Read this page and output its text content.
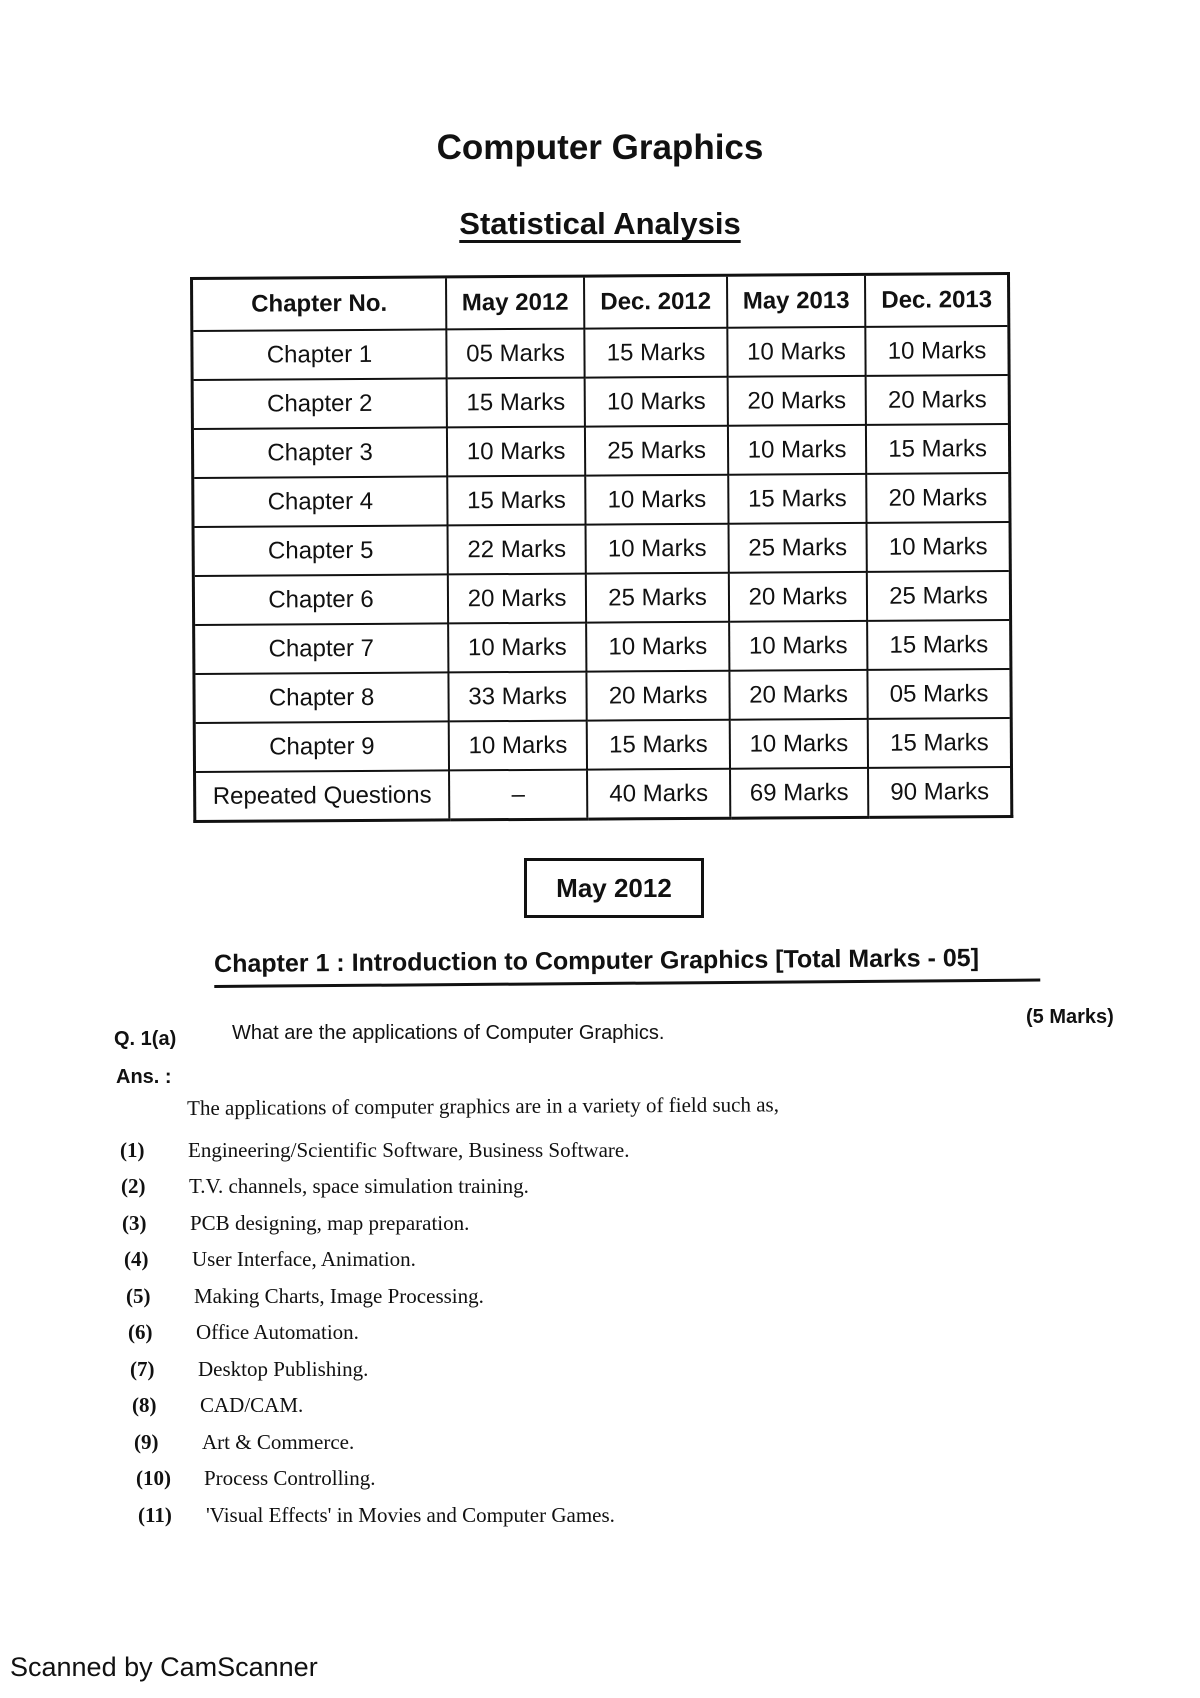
Computer Graphics
Statistical Analysis
Chapter No.	May 2012	Dec. 2012	May 2013	Dec. 2013
Chapter 1	05 Marks	15 Marks	10 Marks	10 Marks
Chapter 2	15 Marks	10 Marks	20 Marks	20 Marks
Chapter 3	10 Marks	25 Marks	10 Marks	15 Marks
Chapter 4	15 Marks	10 Marks	15 Marks	20 Marks
Chapter 5	22 Marks	10 Marks	25 Marks	10 Marks
Chapter 6	20 Marks	25 Marks	20 Marks	25 Marks
Chapter 7	10 Marks	10 Marks	10 Marks	15 Marks
Chapter 8	33 Marks	20 Marks	20 Marks	05 Marks
Chapter 9	10 Marks	15 Marks	10 Marks	15 Marks
Repeated Questions	–	40 Marks	69 Marks	90 Marks
May 2012
Chapter 1 : Introduction to Computer Graphics [Total Marks - 05]
Q. 1(a)	What are the applications of Computer Graphics.
(5 Marks)
Ans. :
The applications of computer graphics are in a variety of field such as,
(1)	Engineering/Scientific Software, Business Software.
(2)	T.V. channels, space simulation training.
(3)	PCB designing, map preparation.
(4)	User Interface, Animation.
(5)	Making Charts, Image Processing.
(6)	Office Automation.
(7)	Desktop Publishing.
(8)	CAD/CAM.
(9)	Art & Commerce.
(10)	Process Controlling.
(11)	'Visual Effects' in Movies and Computer Games.
Scanned by CamScanner
